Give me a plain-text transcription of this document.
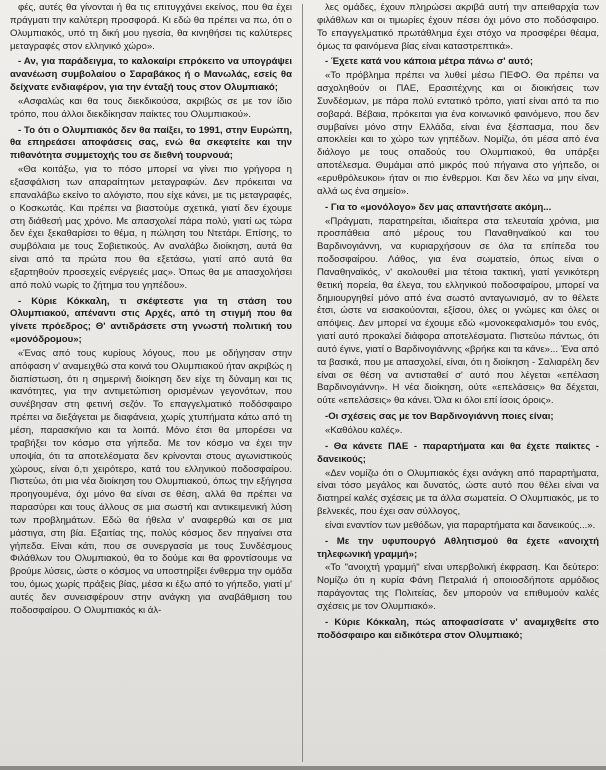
φές, αυτές θα γίνονται ή θα τις επιτυγχάνει εκείνος, που θα έχει πράγματι την καλύτερη προσφορά. Κι εδώ θα πρέπει να πω, ότι ο Ολυμπιακός, υπό τη δική μου ηγεσία, θα κινηθήσει τις καλύτερες μεταγραφές στον ελληνικό χώρο».

- Αν, για παράδειγμα, το καλοκαίρι επρόκειτο να υπογράψει ανανέωση συμβολαίου ο Σαραβάκος ή ο Μανωλάς, εσείς θα δείχνατε ενδιαφέρον, για την ένταξή τους στον Ολυμπιακό;

«Ασφαλώς και θα τους διεκδικούσα, ακριβώς σε με τον ίδιο τρόπο, που άλλοι διεκδίκησαν παίκτες του Ολυμπιακού».

- Το ότι ο Ολυμπιακός δεν θα παίξει, το 1991, στην Ευρώπη, θα επηρεάσει αποφάσεις σας, ενώ θα σκεφτείτε και την πιθανότητα συμμετοχής του σε διεθνή τουρνουά;

«Θα κοιτάξω, για το πόσο μπορεί να γίνει πιο γρήγορα η εξασφάλιση των απαραίτητων μεταγραφών. Δεν πρόκειται να επαναλάβω εκείνο το αλόγιστο, που είχε κάνει, με τις μεταγραφές, ο Κοσκωτάς. Και πρέπει να βιαστούμε σχετικά, γιατί δεν έχουμε στη διάθεσή μας χρόνο. Με απασχολεί πάρα πολύ, γιατί ως τώρα δεν έχει ξεκαθαρίσει το θέμα, η πώληση του Ντετάρι. Επίσης, το συμβόλαια με τους Σοβιετικούς. Αν αναλάβω διοίκηση, αυτά θα είναι από τα πρώτα που θα εξετάσω, γιατί από αυτά θα εξαρτηθούν προσεχείς ενέργειές μας». Όπως θα με απασχολήσει από πολύ νωρίς το ζήτημα του γηπέδου».

- Κύριε Κόκκαλη, τι σκέφτεστε για τη στάση του Ολυμπιακού, απέναντι στις Αρχές, από τη στιγμή που θα γίνετε πρόεδρος; Θ' αντιδράσετε στη γνωστή πολιτική του «μονόδρομου»;

«Ένας από τους κυρίους λόγους, που με οδήγησαν στην απόφαση ν' αναμειχθώ στα κοινά του Ολυμπιακού ήταν ακριβώς η διαπίστωση, ότι η σημερινή διοίκηση δεν είχε τη δύναμη και τις ικανότητες, για την αντιμετώπιση ορισμένων γεγονότων, που συνέβησαν στη φετινή σεζόν. Το επαγγελματικό ποδόσφαιρο πρέπει να διεξάγεται με διαφάνεια, χωρίς χτυπήματα κάτω από τη μέση, παρασκήνιο και τα λοιπά. Μόνο έτσι θα μπορέσει να τραβήξει τον κόσμο στα γήπεδα. Με τον κόσμο να έχει την υποψία, ότι τα αποτελέσματα δεν κρίνονται στους αγωνιστικούς χώρους, είναι ό,τι χειρότερο, κατά του ελληνικού ποδοσφαίρου. Πιστεύω, ότι μια νέα διοίκηση του Ολυμπιακού, όπως την εξήγησα προηγουμένα, όχι μόνο θα είναι σε θέση, αλλά θα πρέπει να παρασύρει και τους άλλους σε μια σωστή και αντικειμενική λύση των προβλημάτων. Εδώ θα ήθελα ν' αναφερθώ και σε μια μάστιγα, στη βία. Εξαιτίας της, πολύς κόσμος δεν πηγαίνει στα γήπεδα. Είναι κάτι, που σε συνεργασία με τους Συνδέσμους Φιλάθλων του Ολυμπιακού, θα το δούμε και θα φροντίσουμε να βρούμε λύσεις, ώστε ο κόσμος να υποστηρίξει ένθερμα την ομάδα του, όμως χωρίς πράξεις βίας, μέσα κι έξω από το γήπεδο, γιατί μ' αυτές δεν συνεισφέρουν στην ανάγκη για αναβάθμιση του ποδοσφαίρου. Ο Ολυμπιακός κι άλ-

λες ομάδες, έχουν πληρώσει ακριβά αυτή την απειθαρχία των φιλάθλων και οι τιμωρίες έχουν πέσει όχι μόνο στο ποδόσφαιρο. Το επαγγελματικό πρωτάθλημα έχει στόχο να προσφέρει θέαμα, όμως τα φαινόμενα βίας είναι καταστρεπτικά».

- Έχετε κατά νου κάποια μέτρα πάνω σ' αυτό;

«Το πρόβλημα πρέπει να λυθεί μέσω ΠΕΦΟ. Θα πρέπει να ασχοληθούν οι ΠΑΕ, Ερασιτέχνης και οι διοικήσεις των Συνδέσμων, με πάρα πολύ εντατικό τρόπο, γιατί είναι από τα πιο σοβαρά. Βέβαια, πρόκειται για ένα κοινωνικό φαινόμενο, που δεν συμβαίνει μόνο στην Ελλάδα, είναι ένα ξέσπασμα, που δεν αποκλείει και το χώρο των γηπέδων. Νομίζω, ότι μέσα από ένα διάλογο με τους οπαδούς του Ολυμπιακού, θα υπάρξει αποτέλεσμα. Θυμάμαι από μικρός πού πήγαινα στο γήπεδο, οι «ερυθρόλευκοι» ήταν οι πιο ένθερμοι. Και δεν λέω να μην είναι, αλλά ως ένα σημείο».

- Για το «μονόλογο» δεν μας απαντήσατε ακόμη...

«Πράγματι, παρατηρείται, ιδιαίτερα στα τελευταία χρόνια, μια προσπάθεια από μέρους του Παναθηναϊκού και του Βαρδινογιάννη, να κυριαρχήσουν σε όλα τα επίπεδα του ποδοσφαίρου. Λάθος, για ένα σωματείο, όπως είναι ο Παναθηναϊκός, ν' ακολουθεί μια τέτοια τακτική, γιατί γενικότερη θετική πορεία, θα έλεγα, του ελληνικού ποδοσφαίρου, μπορεί να δημιουργηθεί μόνο από ένα σωστό ανταγωνισμό, αν το θέλετε έτσι, ώστε να εισακούονται, εξίσου, όλες οι γνώμες και όλες οι απόψεις. Δεν μπορεί να έχουμε εδώ «μονοκεφαλισμό» του ενός, γιατί αυτό προκαλεί διάφορα αποτελέσματα. Πιστεύω πάντως, ότι αυτό έγινε, γιατί ο Βαρδινογιάννης «βρήκε και τα κάνε»... Ένα από τα βασικά, που με απασχολεί, είναι, ότι η διοίκηση - Σαλιαρέλη δεν είναι σε θέση να αντισταθεί σ' αυτό που λέγεται «επέλαση Βαρδινογιάννη». Η νέα διοίκηση, ούτε «επελάσεις» θα δέχεται, ούτε «επελάσεις» θα κάνει. Όλα κι όλοι επί ίσοις όροις».

-Οι σχέσεις σας με τον Βαρδινογιάννη ποιες είναι;

«Καθόλου καλές».

- Θα κάνετε ΠΑΕ - παραρτήματα και θα έχετε παίκτες - δανεικούς;

«Δεν νομίζω ότι ο Ολυμπιακός έχει ανάγκη από παραρτήματα, είναι τόσο μεγάλος και δυνατός, ώστε αυτό που θέλει είναι να διατηρεί καλές σχέσεις με τα άλλα σωματεία. Ο Ολυμπιακός, με το βελνεκές, που έχει σαν σύλλογος,

είναι εναντίον των μεθόδων, για παραρτήματα και δανεικούς...».

- Με την υφυπουργό Αθλητισμού θα έχετε «ανοιχτή τηλεφωνική γραμμή»;

«Το "ανοιχτή γραμμή" είναι υπερβολική έκφραση. Και δεύτερο: Νομίζω ότι η κυρία Φάνη Πετραλιά ή οποιοσδήποτε αρμόδιος παράγοντας της Πολιτείας, δεν μπορούν να επιθυμούν καλές σχέσεις με τον Ολυμπιακό».

- Κύριε Κόκκαλη, πώς αποφασίσατε ν' αναμιχθείτε στο ποδόσφαιρο και ειδικότερα στον Ολυμπιακό;
